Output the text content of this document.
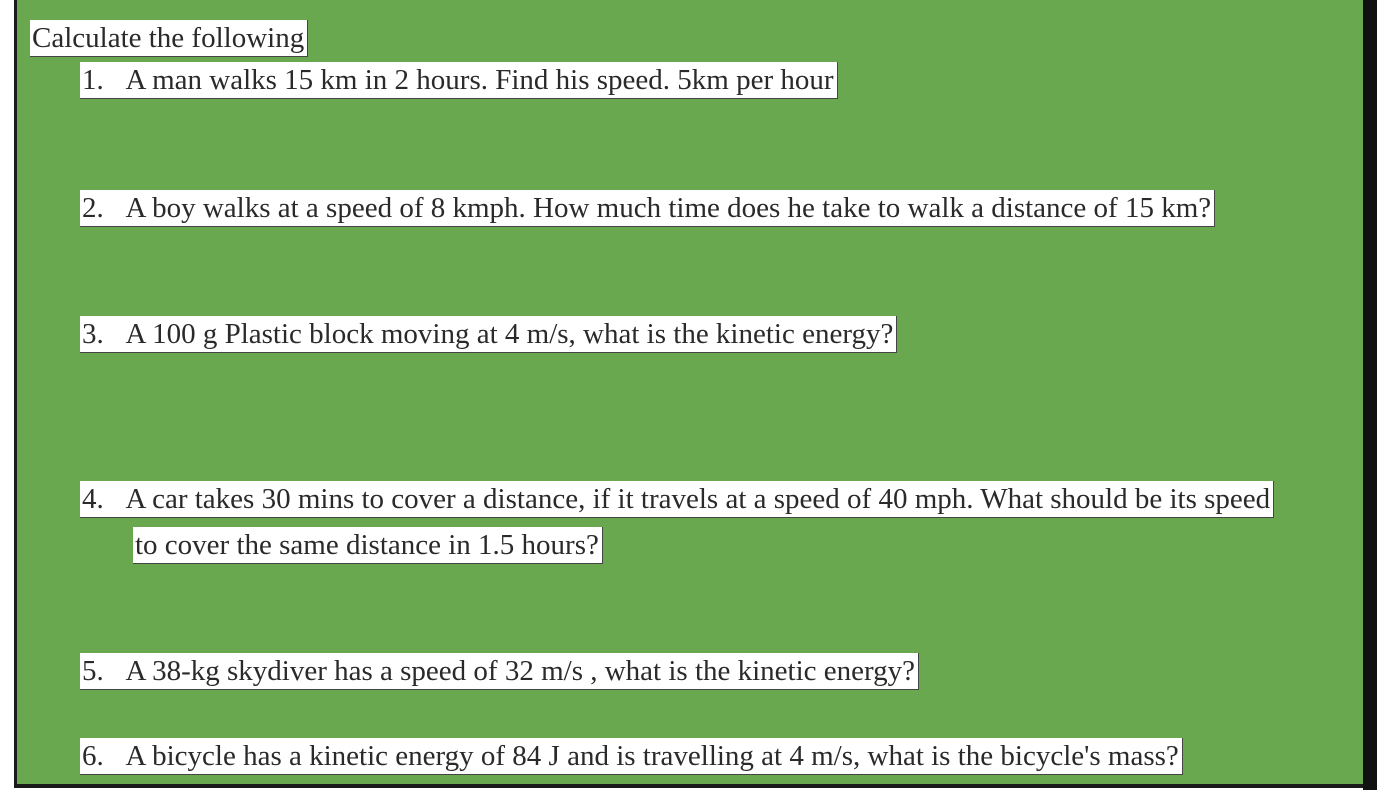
Calculate the following
1. A man walks 15 km in 2 hours. Find his speed. 5km per hour
2. A boy walks at a speed of 8 kmph. How much time does he take to walk a distance of 15 km?
3. A 100 g Plastic block moving at 4 m/s, what is the kinetic energy?
4. A car takes 30 mins to cover a distance, if it travels at a speed of 40 mph. What should be its speed
to cover the same distance in 1.5 hours?
5. A 38-kg skydiver has a speed of 32 m/s , what is the kinetic energy?
6. A bicycle has a kinetic energy of 84 J and is travelling at 4 m/s, what is the bicycle's mass?
